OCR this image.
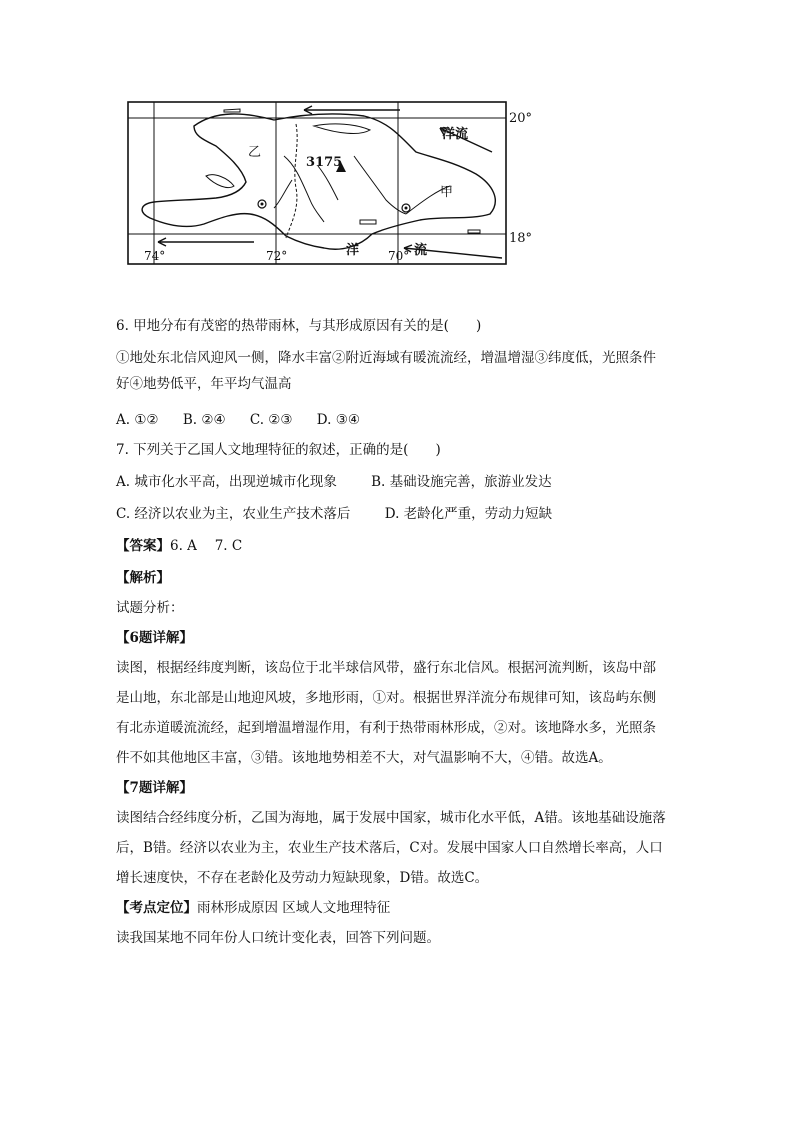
20°
18°
74°	72°	70°
洋流
洋	流
3175
乙
甲
6. 甲地分布有茂密的热带雨林，与其形成原因有关的是(　　)
①地处东北信风迎风一侧，降水丰富②附近海域有暖流流经，增温增湿③纬度低，光照条件
好④地势低平，年平均气温高
A. ①② B. ②④ C. ②③ D. ③④
7. 下列关于乙国人文地理特征的叙述，正确的是(　　)
A. 城市化水平高，出现逆城市化现象	B. 基础设施完善，旅游业发达
C. 经济以农业为主，农业生产技术落后	D. 老龄化严重，劳动力短缺
【答案】6. A　 7. C
【解析】
试题分析：
【6题详解】
读图，根据经纬度判断，该岛位于北半球信风带，盛行东北信风。根据河流判断，该岛中部
是山地，东北部是山地迎风坡，多地形雨，①对。根据世界洋流分布规律可知，该岛屿东侧
有北赤道暖流流经，起到增温增湿作用，有利于热带雨林形成，②对。该地降水多，光照条
件不如其他地区丰富，③错。该地地势相差不大，对气温影响不大，④错。故选A。
【7题详解】
读图结合经纬度分析，乙国为海地，属于发展中国家，城市化水平低，A错。该地基础设施落
后，B错。经济以农业为主，农业生产技术落后，C对。发展中国家人口自然增长率高，人口
增长速度快，不存在老龄化及劳动力短缺现象，D错。故选C。
【考点定位】雨林形成原因 区域人文地理特征
读我国某地不同年份人口统计变化表，回答下列问题。
